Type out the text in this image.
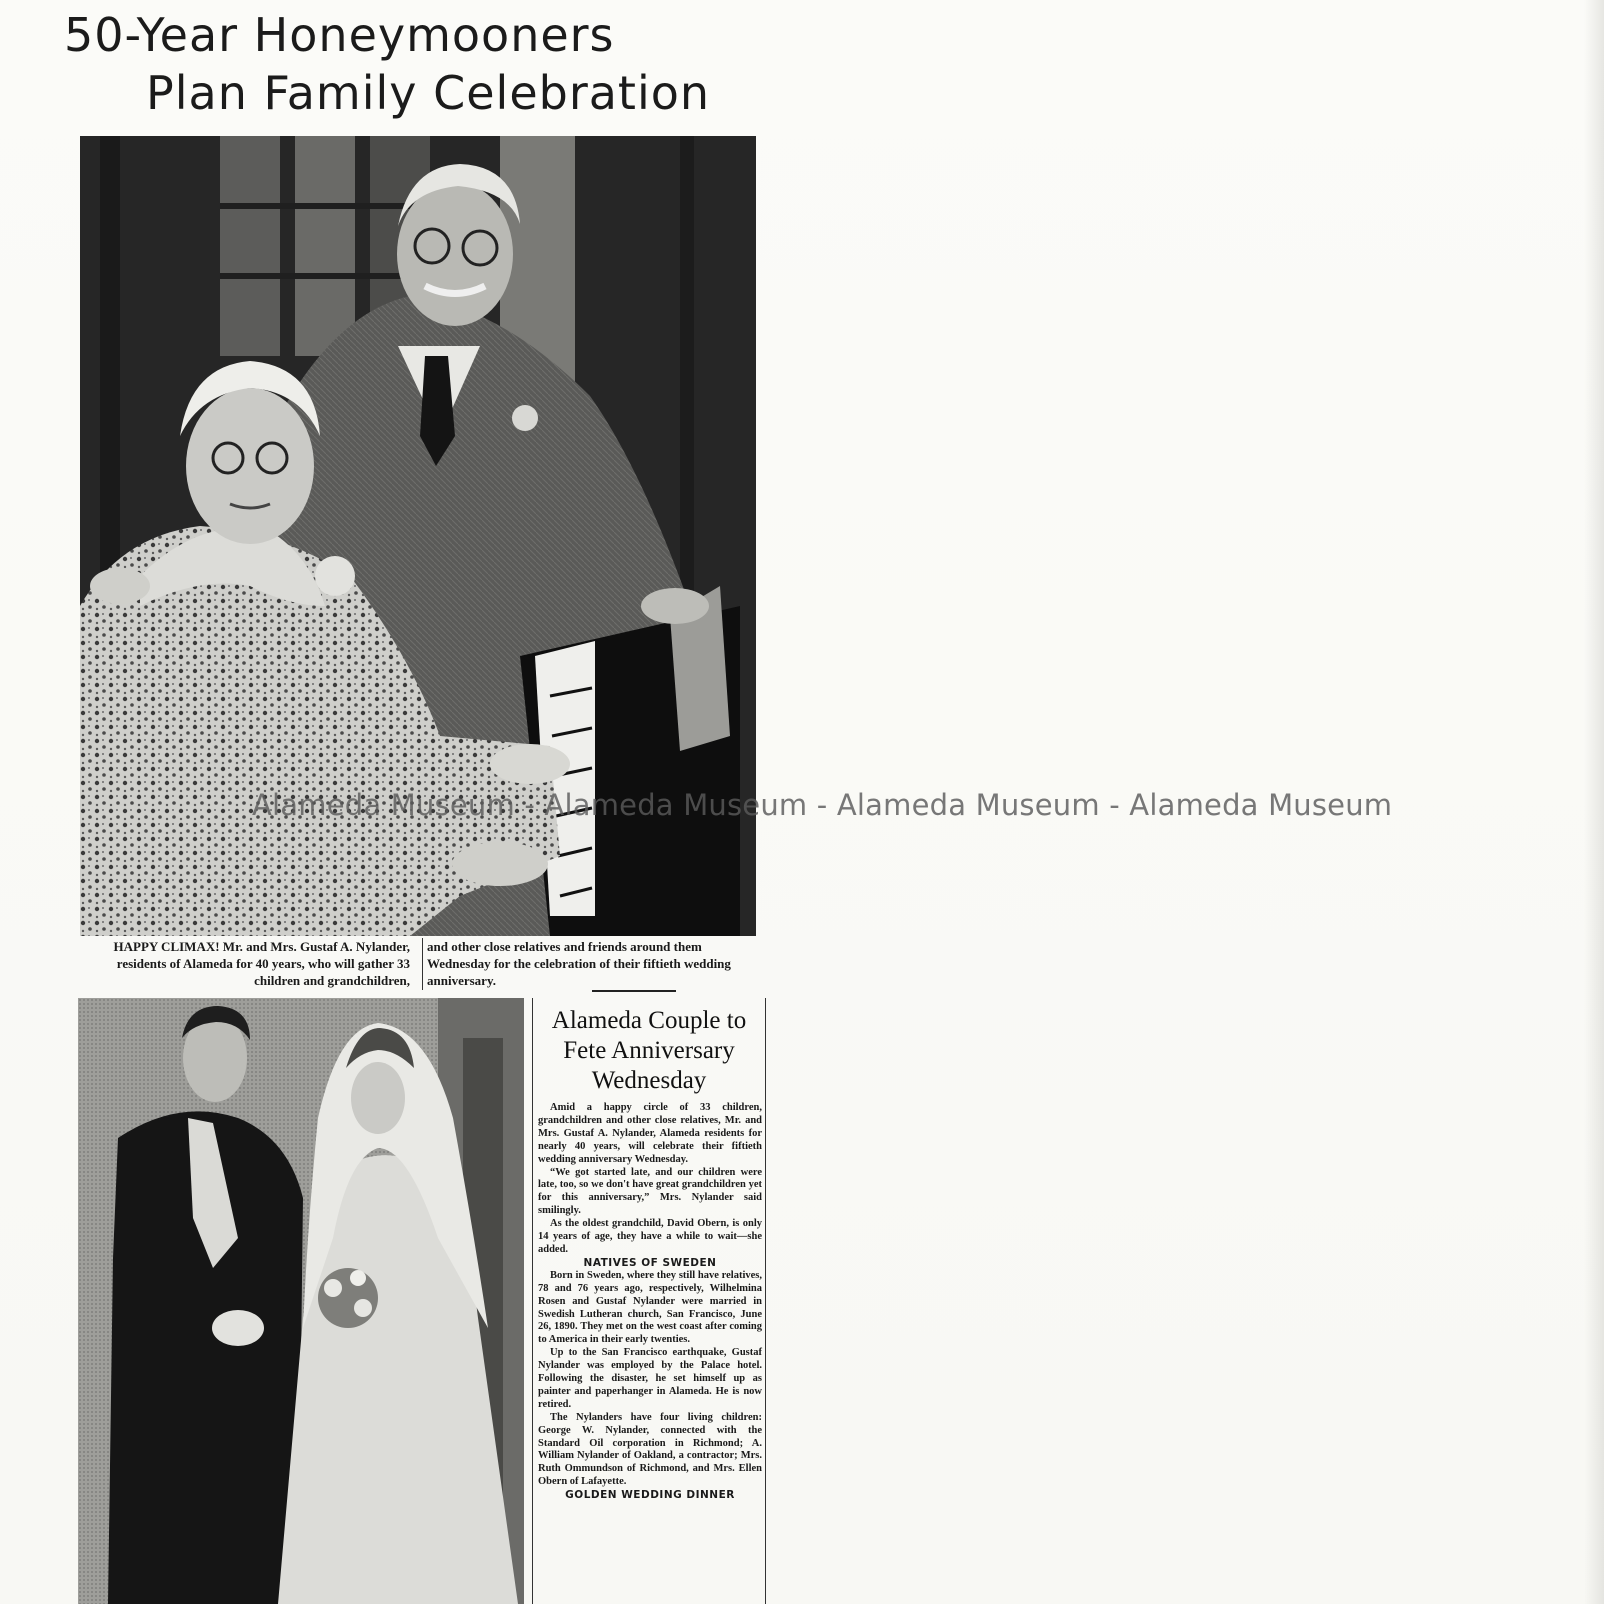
50-Year Honeymooners
Plan Family Celebration
HAPPY CLIMAX! Mr. and Mrs. Gustaf A. Nylander, residents of Alameda for 40 years, who will gather 33 children and grandchildren,
and other close relatives and friends around them Wednesday for the celebration of their fiftieth wedding anniversary.
Alameda Couple to Fete Anniversary Wednesday

Amid a happy circle of 33 children, grandchildren and other close relatives, Mr. and Mrs. Gustaf A. Nylander, Alameda residents for nearly 40 years, will celebrate their fiftieth wedding anniversary Wednesday.

“We got started late, and our children were late, too, so we don't have great grandchildren yet for this anniversary,” Mrs. Nylander said smilingly.

As the oldest grandchild, David Obern, is only 14 years of age, they have a while to wait—she added.

NATIVES OF SWEDEN

Born in Sweden, where they still have relatives, 78 and 76 years ago, respectively, Wilhelmina Rosen and Gustaf Nylander were married in Swedish Lutheran church, San Francisco, June 26, 1890. They met on the west coast after coming to America in their early twenties.

Up to the San Francisco earthquake, Gustaf Nylander was employed by the Palace hotel. Following the disaster, he set himself up as painter and paperhanger in Alameda. He is now retired.

The Nylanders have four living children: George W. Nylander, connected with the Standard Oil corporation in Richmond; A. William Nylander of Oakland, a contractor; Mrs. Ruth Ommundson of Richmond, and Mrs. Ellen Obern of Lafayette.

GOLDEN WEDDING DINNER

Alameda Museum - Alameda Museum - Alameda Museum - Alameda Museum
